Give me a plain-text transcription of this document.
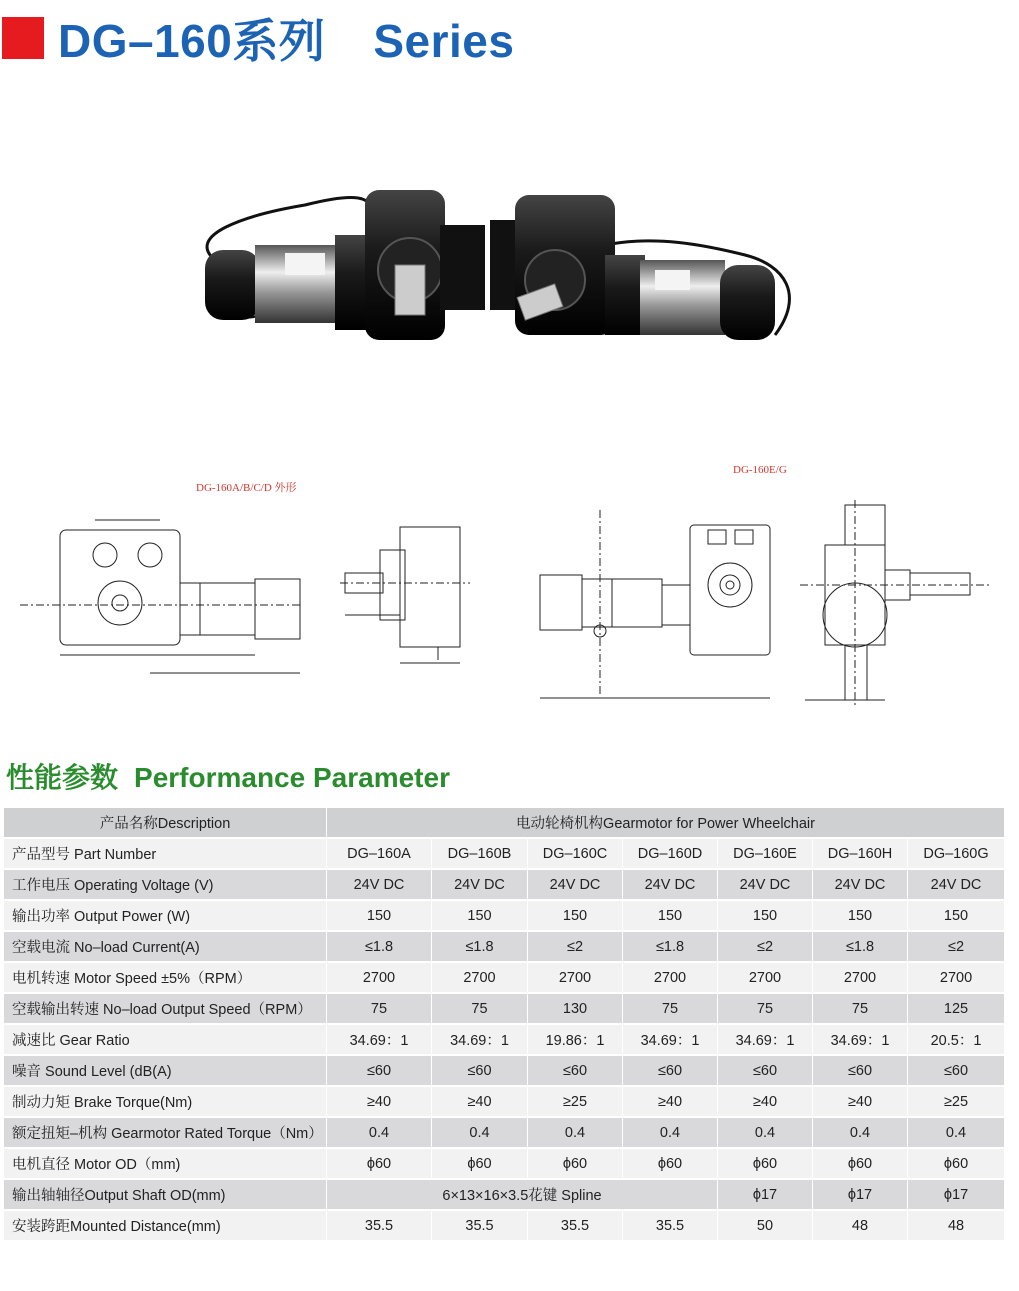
DG–160系列 Series
DG-160A/B/C/D 外形
DG-160E/G
性能参数 Performance Parameter
产品名称Description	电动轮椅机构Gearmotor for Power Wheelchair						
产品型号 Part Number	DG–160A	DG–160B	DG–160C	DG–160D	DG–160E	DG–160H	DG–160G
工作电压 Operating Voltage (V)	24V DC	24V DC	24V DC	24V DC	24V DC	24V DC	24V DC
输出功率 Output Power (W)	150	150	150	150	150	150	150
空载电流 No–load Current(A)	≤1.8	≤1.8	≤2	≤1.8	≤2	≤1.8	≤2
电机转速 Motor Speed ±5%（RPM）	2700	2700	2700	2700	2700	2700	2700
空载输出转速 No–load Output Speed（RPM）	75	75	130	75	75	75	125
减速比 Gear Ratio	34.69：1	34.69：1	19.86：1	34.69：1	34.69：1	34.69：1	20.5：1
噪音 Sound Level (dB(A)	≤60	≤60	≤60	≤60	≤60	≤60	≤60
制动力矩 Brake Torque(Nm)	≥40	≥40	≥25	≥40	≥40	≥40	≥25
额定扭矩–机构 Gearmotor Rated Torque（Nm）	0.4	0.4	0.4	0.4	0.4	0.4	0.4
电机直径 Motor OD（mm)	ϕ60	ϕ60	ϕ60	ϕ60	ϕ60	ϕ60	ϕ60
输出轴轴径Output Shaft OD(mm)	6×13×16×3.5花键 Spline				ϕ17	ϕ17	ϕ17
安装跨距Mounted Distance(mm)	35.5	35.5	35.5	35.5	50	48	48
